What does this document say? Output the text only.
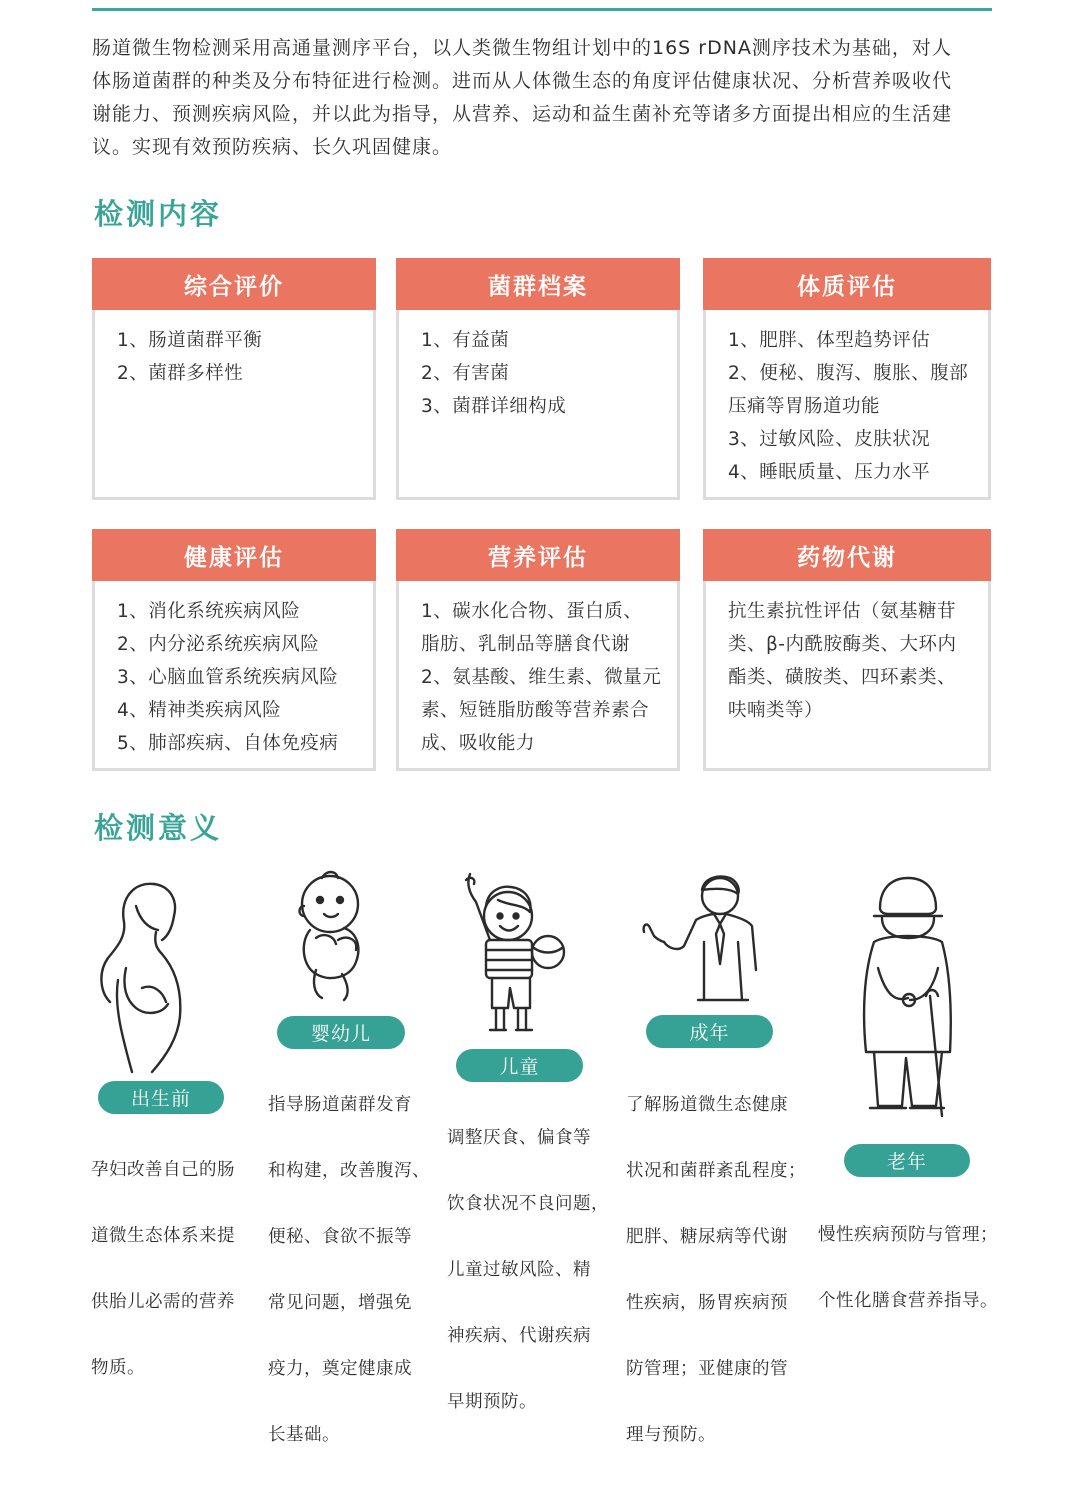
肠道微生物检测采用高通量测序平台，以人类微生物组计划中的16S rDNA测序技术为基础，对人
体肠道菌群的种类及分布特征进行检测。进而从人体微生态的角度评估健康状况、分析营养吸收代
谢能力、预测疾病风险，并以此为指导，从营养、运动和益生菌补充等诸多方面提出相应的生活建
议。实现有效预防疾病、长久巩固健康。
检测内容
综合评价
1、肠道菌群平衡
2、菌群多样性
菌群档案
1、有益菌
2、有害菌
3、菌群详细构成
体质评估
1、肥胖、体型趋势评估
2、便秘、腹泻、腹胀、腹部
压痛等胃肠道功能
3、过敏风险、皮肤状况
4、睡眠质量、压力水平
健康评估
1、消化系统疾病风险
2、内分泌系统疾病风险
3、心脑血管系统疾病风险
4、精神类疾病风险
5、肺部疾病、自体免疫病
营养评估
1、碳水化合物、蛋白质、
脂肪、乳制品等膳食代谢
2、氨基酸、维生素、微量元
素、短链脂肪酸等营养素合
成、吸收能力
药物代谢
抗生素抗性评估（氨基糖苷
类、β-内酰胺酶类、大环内
酯类、磺胺类、四环素类、
呋喃类等）
检测意义
出生前
婴幼儿
儿童
成年
老年

孕妇改善自己的肠

道微生态体系来提

供胎儿必需的营养

物质。

指导肠道菌群发育

和构建，改善腹泻、

便秘、食欲不振等

常见问题，增强免

疫力，奠定健康成

长基础。

调整厌食、偏食等

饮食状况不良问题，

儿童过敏风险、精

神疾病、代谢疾病

早期预防。

了解肠道微生态健康

状况和菌群紊乱程度；

肥胖、糖尿病等代谢

性疾病，肠胃疾病预

防管理；亚健康的管

理与预防。

慢性疾病预防与管理；

个性化膳食营养指导。
